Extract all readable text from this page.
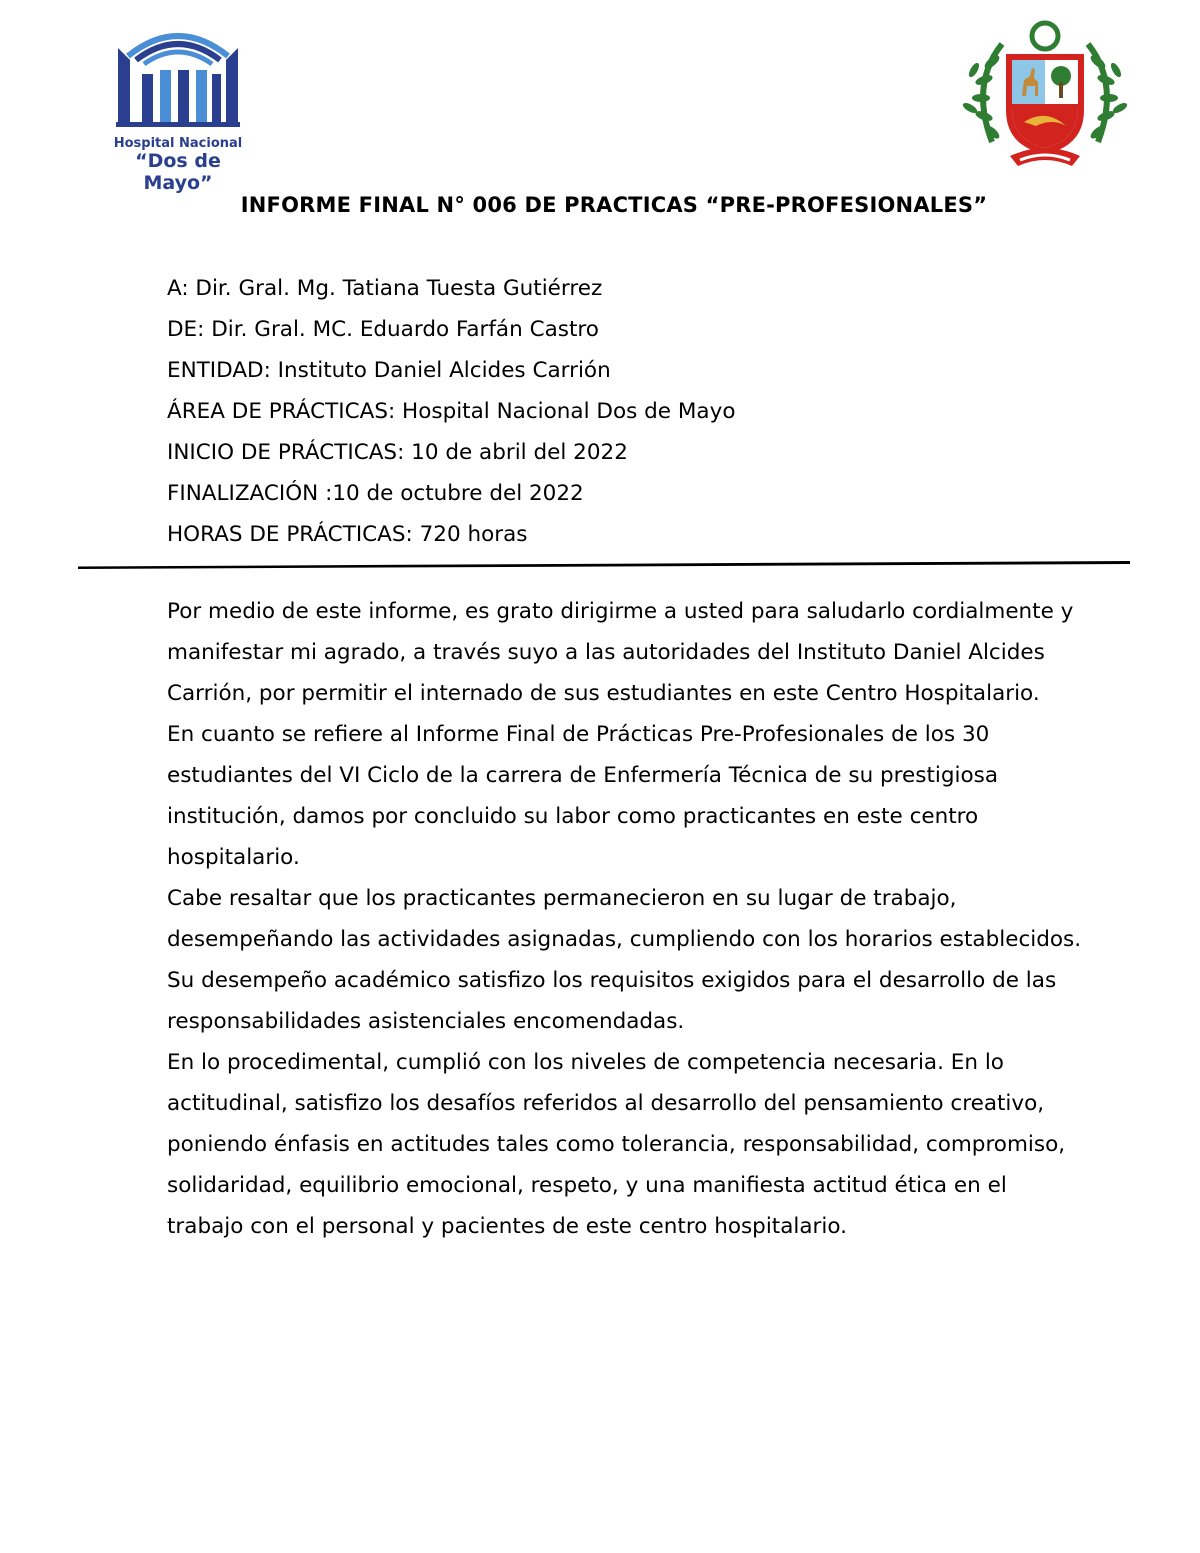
Hospital Nacional
“Dos de Mayo”
INFORME FINAL N° 006 DE PRACTICAS “PRE-PROFESIONALES”
A: Dir. Gral. Mg. Tatiana Tuesta Gutiérrez
DE: Dir. Gral. MC. Eduardo Farfán Castro
ENTIDAD: Instituto Daniel Alcides Carrión
ÁREA DE PRÁCTICAS: Hospital Nacional Dos de Mayo
INICIO DE PRÁCTICAS: 10 de abril del 2022
FINALIZACIÓN :10 de octubre del 2022
HORAS DE PRÁCTICAS: 720 horas

Por medio de este informe, es grato dirigirme a usted para saludarlo cordialmente y manifestar mi agrado, a través suyo a las autoridades del Instituto Daniel Alcides Carrión, por permitir el internado de sus estudiantes en este Centro Hospitalario.

En cuanto se refiere al Informe Final de Prácticas Pre-Profesionales de los 30 estudiantes del VI Ciclo de la carrera de Enfermería Técnica de su prestigiosa institución, damos por concluido su labor como practicantes en este centro hospitalario.

Cabe resaltar que los practicantes permanecieron en su lugar de trabajo, desempeñando las actividades asignadas, cumpliendo con los horarios establecidos. Su desempeño académico satisfizo los requisitos exigidos para el desarrollo de las responsabilidades asistenciales encomendadas.

En lo procedimental, cumplió con los niveles de competencia necesaria. En lo actitudinal, satisfizo los desafíos referidos al desarrollo del pensamiento creativo, poniendo énfasis en actitudes tales como tolerancia, responsabilidad, compromiso, solidaridad, equilibrio emocional, respeto, y una manifiesta actitud ética en el trabajo con el personal y pacientes de este centro hospitalario.
